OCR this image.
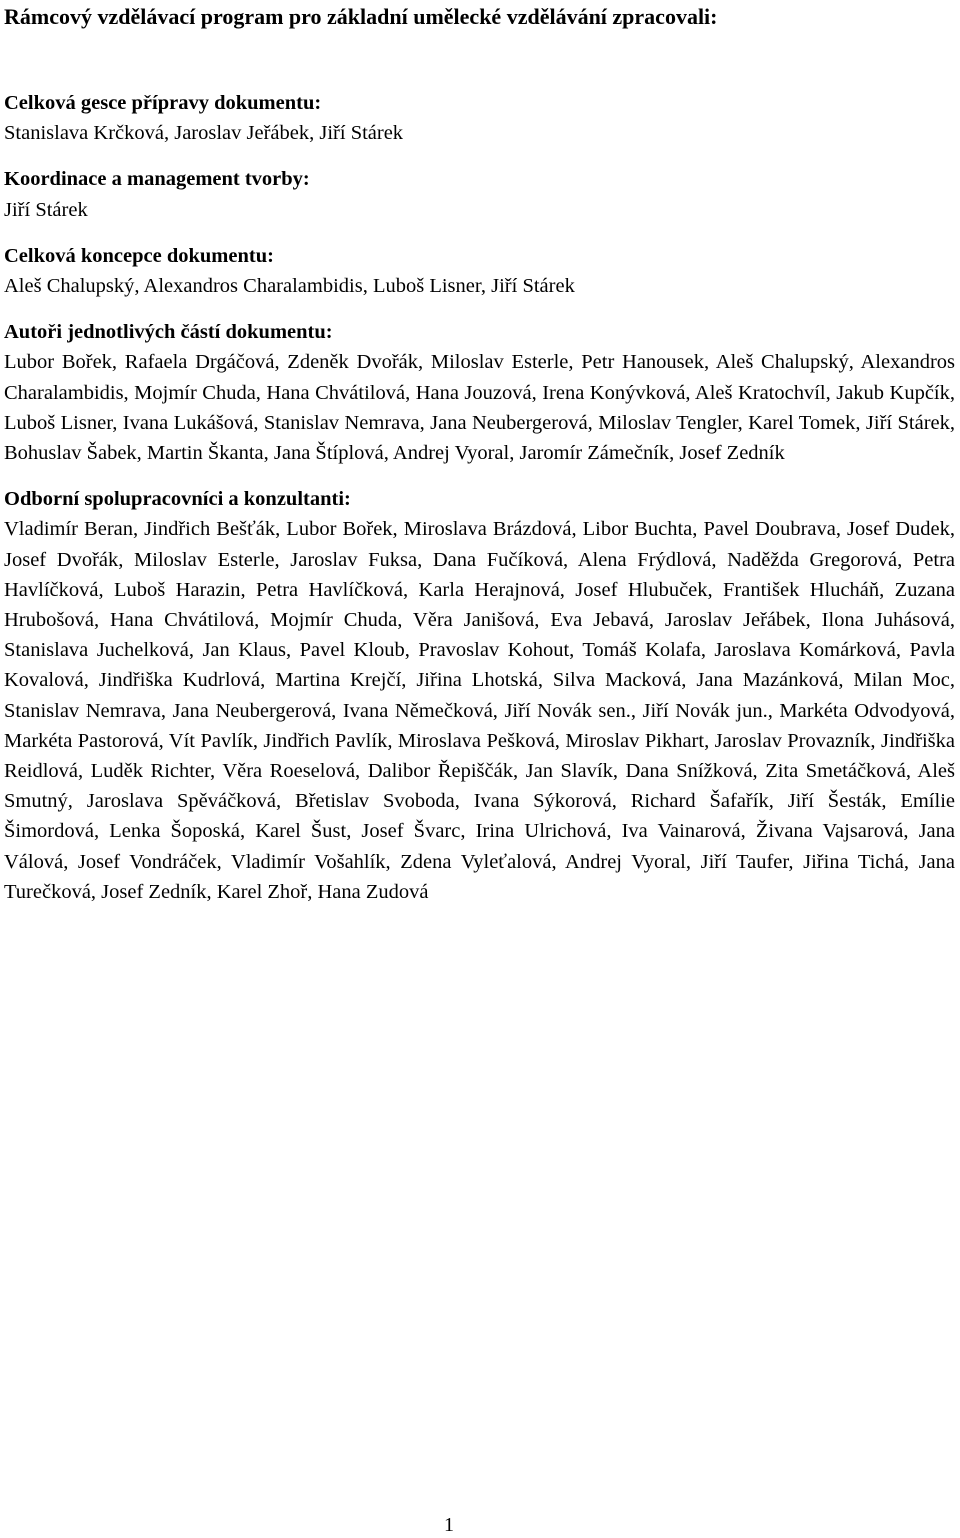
Rámcový vzdělávací program pro základní umělecké vzdělávání zpracovali:

Celková gesce přípravy dokumentu:

Stanislava Krčková, Jaroslav Jeřábek, Jiří Stárek

Koordinace a management tvorby:

Jiří Stárek

Celková koncepce dokumentu:

Aleš Chalupský, Alexandros Charalambidis, Luboš Lisner, Jiří Stárek

Autoři jednotlivých částí dokumentu:

Lubor Bořek, Rafaela Drgáčová, Zdeněk Dvořák, Miloslav Esterle, Petr Hanousek, Aleš Chalupský, Alexandros Charalambidis, Mojmír Chuda, Hana Chvátilová, Hana Jouzová, Irena Konývková, Aleš Kratochvíl, Jakub Kupčík, Luboš Lisner, Ivana Lukášová, Stanislav Nemrava, Jana Neubergerová, Miloslav Tengler, Karel Tomek, Jiří Stárek, Bohuslav Šabek, Martin Škanta, Jana Štíplová, Andrej Vyoral, Jaromír Zámečník, Josef Zedník

Odborní spolupracovníci a konzultanti:

Vladimír Beran, Jindřich Bešťák, Lubor Bořek, Miroslava Brázdová, Libor Buchta, Pavel Doubrava, Josef Dudek, Josef Dvořák, Miloslav Esterle, Jaroslav Fuksa, Dana Fučíková, Alena Frýdlová, Naděžda Gregorová, Petra Havlíčková, Luboš Harazin, Petra Havlíčková, Karla Herajnová, Josef Hlubuček, František Hlucháň, Zuzana Hrubošová, Hana Chvátilová, Mojmír Chuda, Věra Janišová, Eva Jebavá, Jaroslav Jeřábek, Ilona Juhásová, Stanislava Juchelková, Jan Klaus, Pavel Kloub, Pravoslav Kohout, Tomáš Kolafa, Jaroslava Komárková, Pavla Kovalová, Jindřiška Kudrlová, Martina Krejčí, Jiřina Lhotská, Silva Macková, Jana Mazánková, Milan Moc, Stanislav Nemrava, Jana Neubergerová, Ivana Němečková, Jiří Novák sen., Jiří Novák jun., Markéta Odvodyová, Markéta Pastorová, Vít Pavlík, Jindřich Pavlík, Miroslava Pešková, Miroslav Pikhart, Jaroslav Provazník, Jindřiška Reidlová, Luděk Richter, Věra Roeselová, Dalibor Řepiščák, Jan Slavík, Dana Snížková, Zita Smetáčková, Aleš Smutný, Jaroslava Spěváčková, Břetislav Svoboda, Ivana Sýkorová, Richard Šafařík, Jiří Šesták, Emílie Šimordová, Lenka Šoposká, Karel Šust, Josef Švarc, Irina Ulrichová, Iva Vainarová, Živana Vajsarová, Jana Válová, Josef Vondráček, Vladimír Vošahlík, Zdena Vyleťalová, Andrej Vyoral, Jiří Taufer, Jiřina Tichá, Jana Turečková, Josef Zedník, Karel Zhoř, Hana Zudová

1
